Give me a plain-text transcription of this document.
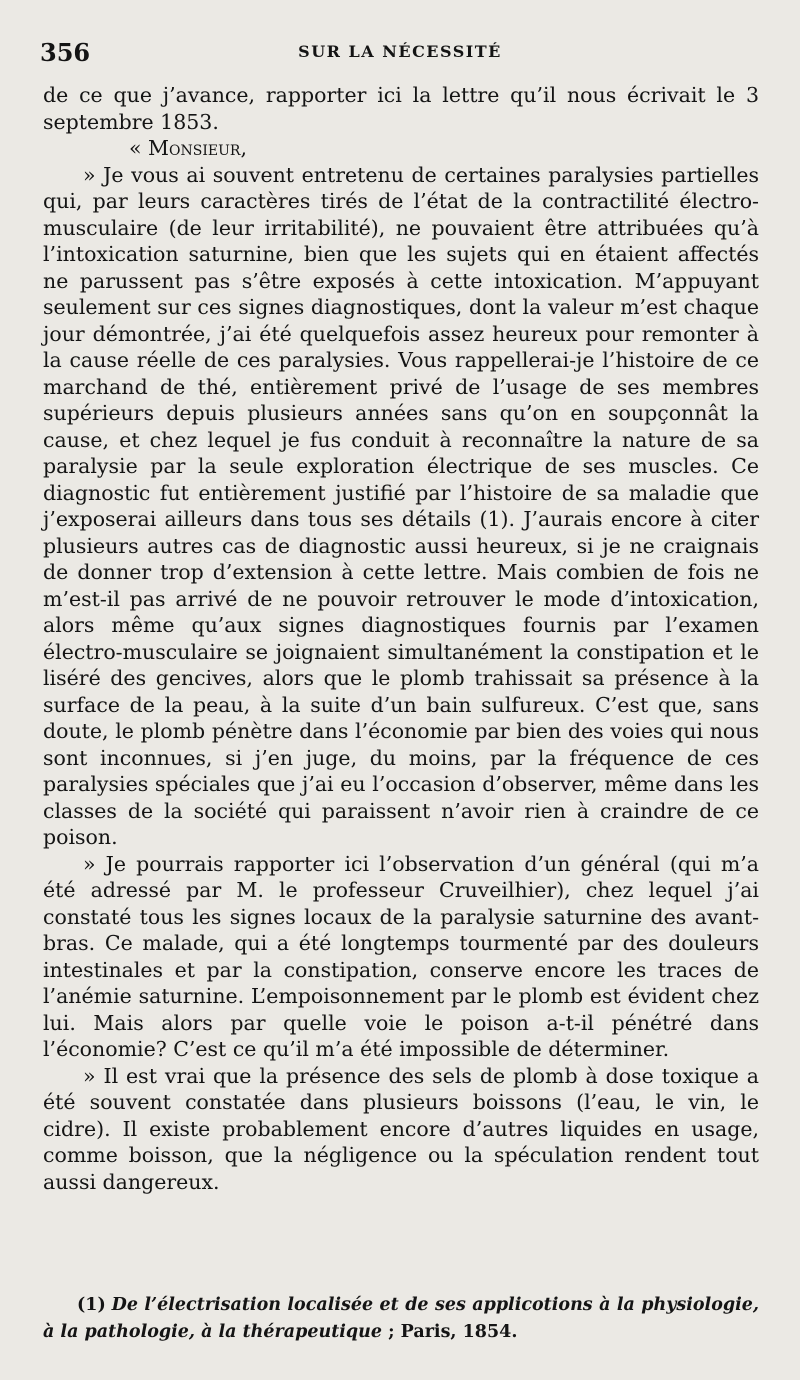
356	SUR LA NÉCESSITÉ

de ce que j’avance, rapporter ici la lettre qu’il nous écrivait le 3 septembre 1853.

« Monsieur,

» Je vous ai souvent entretenu de certaines paralysies partielles qui, par leurs caractères tirés de l’état de la contractilité électro-musculaire (de leur irritabilité), ne pouvaient être attribuées qu’à l’intoxication saturnine, bien que les sujets qui en étaient affectés ne parussent pas s’être exposés à cette intoxication. M’appuyant seulement sur ces signes diagnostiques, dont la valeur m’est chaque jour démontrée, j’ai été quelquefois assez heureux pour remonter à la cause réelle de ces paralysies. Vous rappellerai-je l’histoire de ce marchand de thé, entièrement privé de l’usage de ses membres supérieurs depuis plusieurs années sans qu’on en soupçonnât la cause, et chez lequel je fus conduit à reconnaître la nature de sa paralysie par la seule exploration électrique de ses muscles. Ce diagnostic fut entièrement justifié par l’histoire de sa maladie que j’exposerai ailleurs dans tous ses détails (1). J’aurais encore à citer plusieurs autres cas de diagnostic aussi heureux, si je ne craignais de donner trop d’extension à cette lettre. Mais combien de fois ne m’est-il pas arrivé de ne pouvoir retrouver le mode d’intoxication, alors même qu’aux signes diagnostiques fournis par l’examen électro-musculaire se joignaient simultanément la constipation et le liséré des gencives, alors que le plomb trahissait sa présence à la surface de la peau, à la suite d’un bain sulfureux. C’est que, sans doute, le plomb pénètre dans l’économie par bien des voies qui nous sont inconnues, si j’en juge, du moins, par la fréquence de ces paralysies spéciales que j’ai eu l’occasion d’observer, même dans les classes de la société qui paraissent n’avoir rien à craindre de ce poison.

» Je pourrais rapporter ici l’observation d’un général (qui m’a été adressé par M. le professeur Cruveilhier), chez lequel j’ai constaté tous les signes locaux de la paralysie saturnine des avant-bras. Ce malade, qui a été longtemps tourmenté par des douleurs intestinales et par la constipation, conserve encore les traces de l’anémie saturnine. L’empoisonnement par le plomb est évident chez lui. Mais alors par quelle voie le poison a-t-il pénétré dans l’économie? C’est ce qu’il m’a été impossible de déterminer.

» Il est vrai que la présence des sels de plomb à dose toxique a été souvent constatée dans plusieurs boissons (l’eau, le vin, le cidre). Il existe probablement encore d’autres liquides en usage, comme boisson, que la négligence ou la spéculation rendent tout aussi dangereux.

(1) De l’électrisation localisée et de ses applicotions à la physiologie, à la pathologie, à la thérapeutique ; Paris, 1854.
